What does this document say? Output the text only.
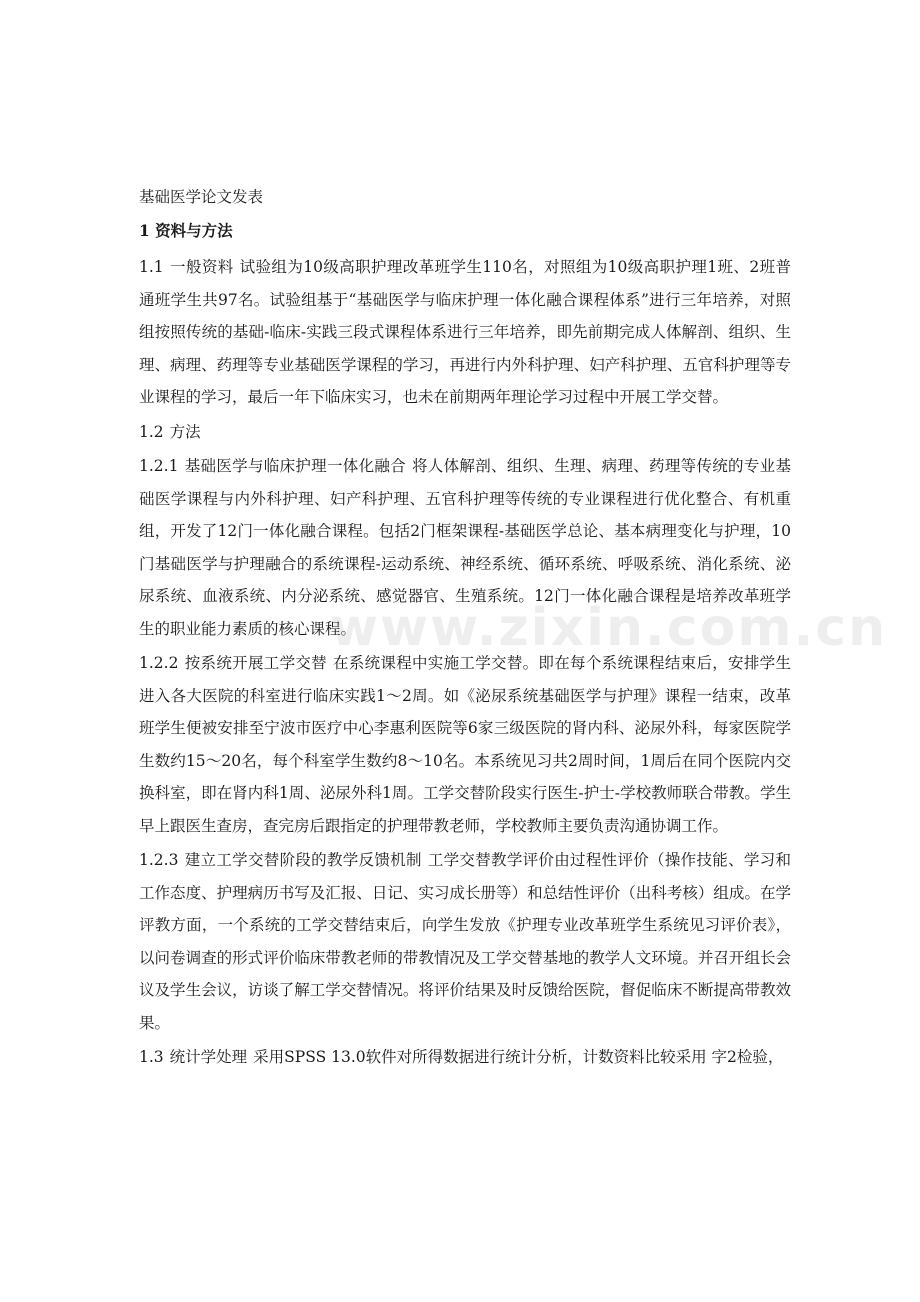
基础医学论文发表

1 资料与方法

1.1 一般资料 试验组为10级高职护理改革班学生110名，对照组为10级高职护理1班、2班普通班学生共97名。试验组基于“基础医学与临床护理一体化融合课程体系”进行三年培养，对照组按照传统的基础-临床-实践三段式课程体系进行三年培养，即先前期完成人体解剖、组织、生理、病理、药理等专业基础医学课程的学习，再进行内外科护理、妇产科护理、五官科护理等专业课程的学习，最后一年下临床实习，也未在前期两年理论学习过程中开展工学交替。

1.2 方法

1.2.1 基础医学与临床护理一体化融合 将人体解剖、组织、生理、病理、药理等传统的专业基础医学课程与内外科护理、妇产科护理、五官科护理等传统的专业课程进行优化整合、有机重组，开发了12门一体化融合课程。包括2门框架课程-基础医学总论、基本病理变化与护理，10门基础医学与护理融合的系统课程-运动系统、神经系统、循环系统、呼吸系统、消化系统、泌尿系统、血液系统、内分泌系统、感觉器官、生殖系统。12门一体化融合课程是培养改革班学生的职业能力素质的核心课程。

1.2.2 按系统开展工学交替 在系统课程中实施工学交替。即在每个系统课程结束后，安排学生进入各大医院的科室进行临床实践1～2周。如《泌尿系统基础医学与护理》课程一结束，改革班学生便被安排至宁波市医疗中心李惠利医院等6家三级医院的肾内科、泌尿外科，每家医院学生数约15～20名，每个科室学生数约8～10名。本系统见习共2周时间，1周后在同个医院内交换科室，即在肾内科1周、泌尿外科1周。工学交替阶段实行医生-护士-学校教师联合带教。学生早上跟医生查房，查完房后跟指定的护理带教老师，学校教师主要负责沟通协调工作。

1.2.3 建立工学交替阶段的教学反馈机制 工学交替教学评价由过程性评价（操作技能、学习和工作态度、护理病历书写及汇报、日记、实习成长册等）和总结性评价（出科考核）组成。在学评教方面，一个系统的工学交替结束后，向学生发放《护理专业改革班学生系统见习评价表》，以问卷调查的形式评价临床带教老师的带教情况及工学交替基地的教学人文环境。并召开组长会议及学生会议，访谈了解工学交替情况。将评价结果及时反馈给医院，督促临床不断提高带教效果。

1.3 统计学处理 采用SPSS 13.0软件对所得数据进行统计分析，计数资料比较采用 字2检验，

www.zixin.com.cn
